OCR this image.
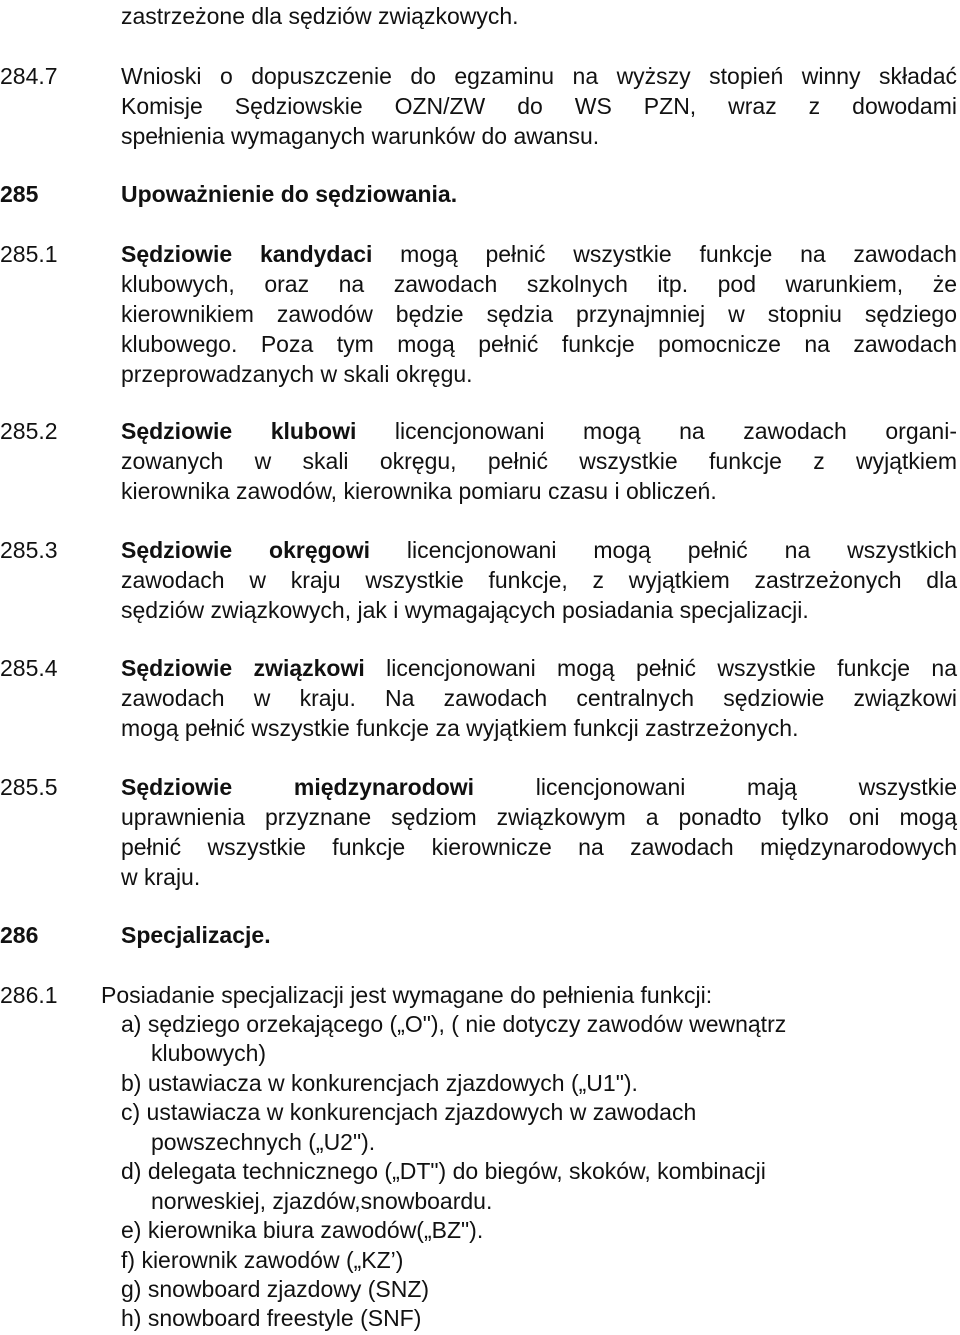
zastrzeżone dla sędziów związkowych.
284.7	Wnioski o dopuszczenie do egzaminu na wyższy stopień winny składać
Komisje Sędziowskie OZN/ZW do WS PZN, wraz z dowodami
spełnienia wymaganych warunków do awansu.
285	Upoważnienie do sędziowania.
285.1	Sędziowie kandydaci mogą pełnić wszystkie funkcje na zawodach
klubowych, oraz na zawodach szkolnych itp. pod warunkiem, że
kierownikiem zawodów będzie sędzia przynajmniej w stopniu sędziego
klubowego. Poza tym mogą pełnić funkcje pomocnicze na zawodach
przeprowadzanych w skali okręgu.
285.2	Sędziowie klubowi licencjonowani mogą na zawodach organi-
zowanych w skali okręgu, pełnić wszystkie funkcje z wyjątkiem
kierownika zawodów, kierownika pomiaru czasu i obliczeń.
285.3	Sędziowie okręgowi licencjonowani mogą pełnić na wszystkich
zawodach w kraju wszystkie funkcje, z wyjątkiem zastrzeżonych dla
sędziów związkowych, jak i wymagających posiadania specjalizacji.
285.4	Sędziowie związkowi licencjonowani mogą pełnić wszystkie funkcje na
zawodach w kraju. Na zawodach centralnych sędziowie związkowi
mogą pełnić wszystkie funkcje za wyjątkiem funkcji zastrzeżonych.
285.5	Sędziowie międzynarodowi licencjonowani mają wszystkie
uprawnienia przyznane sędziom związkowym a ponadto tylko oni mogą
pełnić wszystkie funkcje kierownicze na zawodach międzynarodowych
w kraju.
286	Specjalizacje.
286.1 Posiadanie specjalizacji jest wymagane do pełnienia funkcji:
a) sędziego orzekającego („O"), ( nie dotyczy zawodów wewnątrz
klubowych)
b) ustawiacza w konkurencjach zjazdowych („U1").
c) ustawiacza w konkurencjach zjazdowych w zawodach
powszechnych („U2").
d) delegata technicznego („DT") do biegów, skoków, kombinacji
norweskiej, zjazdów,snowboardu.
e) kierownika biura zawodów(„BZ").
f) kierownik zawodów („KZ’)
g) snowboard zjazdowy (SNZ)
h) snowboard freestyle (SNF)
